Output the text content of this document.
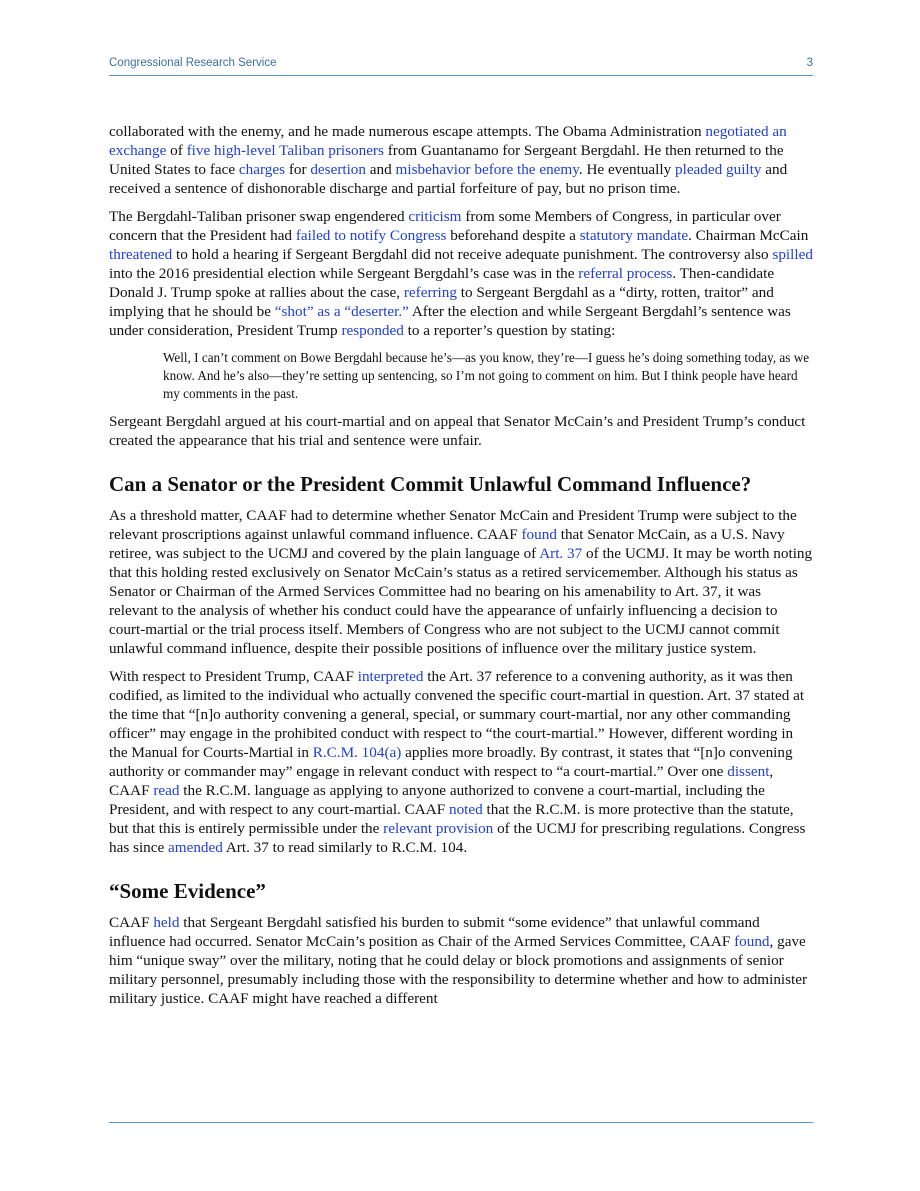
Congressional Research Service	3

collaborated with the enemy, and he made numerous escape attempts. The Obama Administration negotiated an exchange of five high-level Taliban prisoners from Guantanamo for Sergeant Bergdahl. He then returned to the United States to face charges for desertion and misbehavior before the enemy. He eventually pleaded guilty and received a sentence of dishonorable discharge and partial forfeiture of pay, but no prison time.

The Bergdahl-Taliban prisoner swap engendered criticism from some Members of Congress, in particular over concern that the President had failed to notify Congress beforehand despite a statutory mandate. Chairman McCain threatened to hold a hearing if Sergeant Bergdahl did not receive adequate punishment. The controversy also spilled into the 2016 presidential election while Sergeant Bergdahl’s case was in the referral process. Then-candidate Donald J. Trump spoke at rallies about the case, referring to Sergeant Bergdahl as a “dirty, rotten, traitor” and implying that he should be “shot” as a “deserter.” After the election and while Sergeant Bergdahl’s sentence was under consideration, President Trump responded to a reporter’s question by stating:

Well, I can’t comment on Bowe Bergdahl because he’s—as you know, they’re—I guess he’s doing something today, as we know. And he’s also—they’re setting up sentencing, so I’m not going to comment on him. But I think people have heard my comments in the past.

Sergeant Bergdahl argued at his court-martial and on appeal that Senator McCain’s and President Trump’s conduct created the appearance that his trial and sentence were unfair.

Can a Senator or the President Commit Unlawful Command Influence?

As a threshold matter, CAAF had to determine whether Senator McCain and President Trump were subject to the relevant proscriptions against unlawful command influence. CAAF found that Senator McCain, as a U.S. Navy retiree, was subject to the UCMJ and covered by the plain language of Art. 37 of the UCMJ. It may be worth noting that this holding rested exclusively on Senator McCain’s status as a retired servicemember. Although his status as Senator or Chairman of the Armed Services Committee had no bearing on his amenability to Art. 37, it was relevant to the analysis of whether his conduct could have the appearance of unfairly influencing a decision to court-martial or the trial process itself. Members of Congress who are not subject to the UCMJ cannot commit unlawful command influence, despite their possible positions of influence over the military justice system.

With respect to President Trump, CAAF interpreted the Art. 37 reference to a convening authority, as it was then codified, as limited to the individual who actually convened the specific court-martial in question. Art. 37 stated at the time that “[n]o authority convening a general, special, or summary court-martial, nor any other commanding officer” may engage in the prohibited conduct with respect to “the court-martial.” However, different wording in the Manual for Courts-Martial in R.C.M. 104(a) applies more broadly. By contrast, it states that “[n]o convening authority or commander may” engage in relevant conduct with respect to “a court-martial.” Over one dissent, CAAF read the R.C.M. language as applying to anyone authorized to convene a court-martial, including the President, and with respect to any court-martial. CAAF noted that the R.C.M. is more protective than the statute, but that this is entirely permissible under the relevant provision of the UCMJ for prescribing regulations. Congress has since amended Art. 37 to read similarly to R.C.M. 104.

“Some Evidence”

CAAF held that Sergeant Bergdahl satisfied his burden to submit “some evidence” that unlawful command influence had occurred. Senator McCain’s position as Chair of the Armed Services Committee, CAAF found, gave him “unique sway” over the military, noting that he could delay or block promotions and assignments of senior military personnel, presumably including those with the responsibility to determine whether and how to administer military justice. CAAF might have reached a different
